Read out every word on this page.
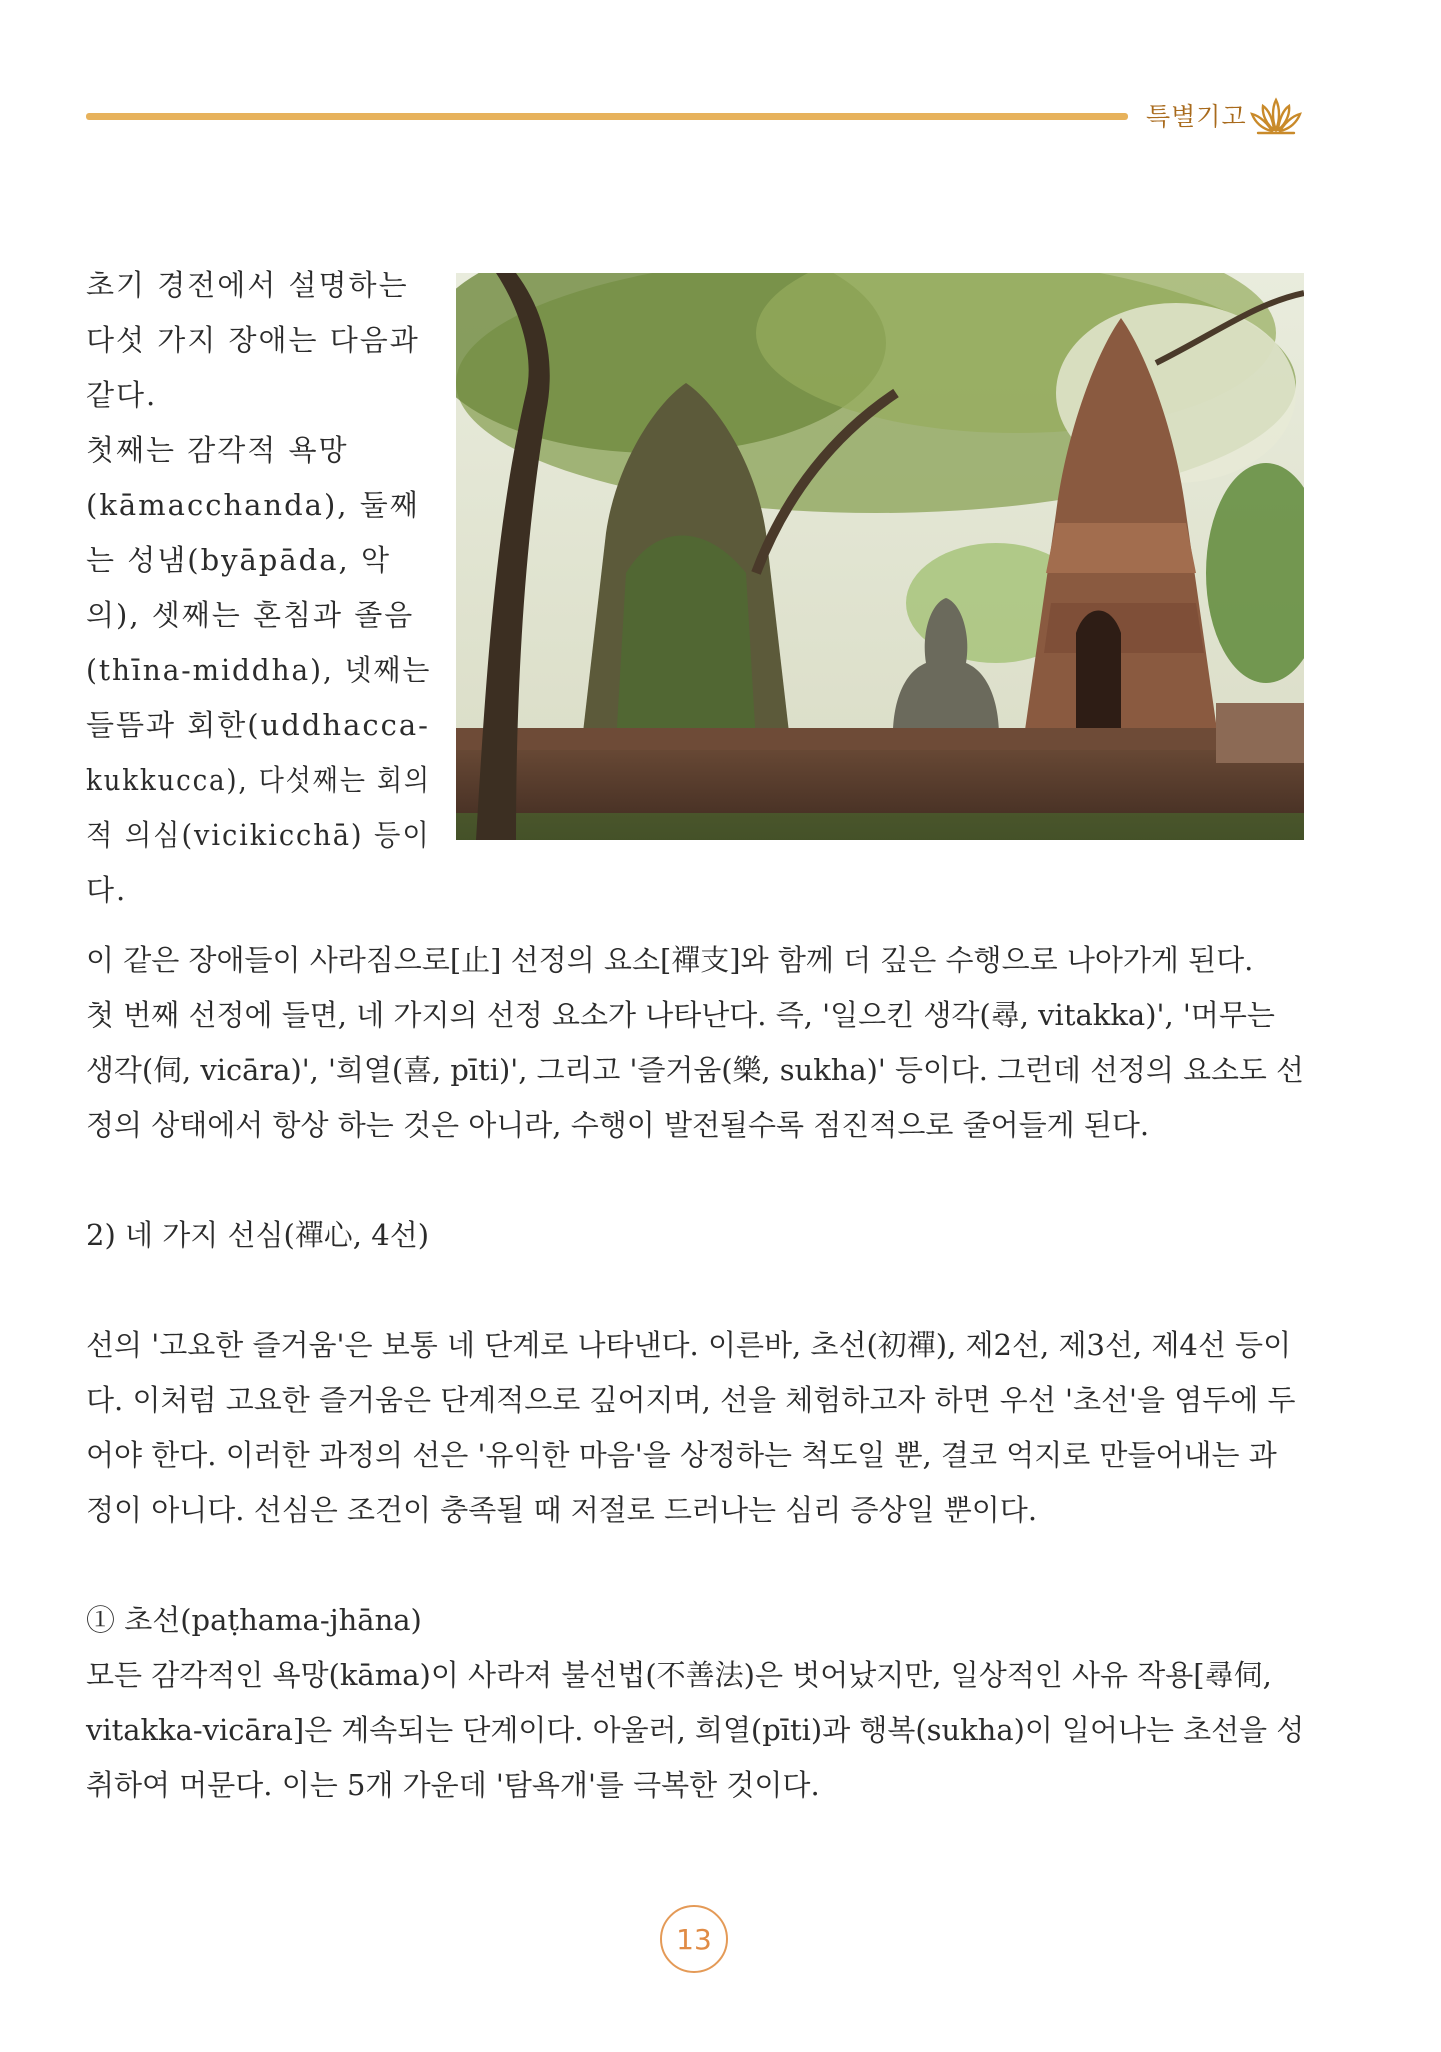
특별기고
초기 경전에서 설명하는
다섯 가지 장애는 다음과
같다.
첫째는 감각적 욕망
(kāmacchanda), 둘째
는 성냄(byāpāda, 악
의), 셋째는 혼침과 졸음
(thīna-middha), 넷째는
들뜸과 회한(uddhacca-
kukkucca), 다섯째는 회의
적 의심(vicikicchā) 등이
다.
이 같은 장애들이 사라짐으로[止] 선정의 요소[禪支]와 함께 더 깊은 수행으로 나아가게 된다.
첫 번째 선정에 들면, 네 가지의 선정 요소가 나타난다. 즉, '일으킨 생각(尋, vitakka)', '머무는
생각(伺, vicāra)', '희열(喜, pīti)', 그리고 '즐거움(樂, sukha)' 등이다. 그런데 선정의 요소도 선
정의 상태에서 항상 하는 것은 아니라, 수행이 발전될수록 점진적으로 줄어들게 된다.
2) 네 가지 선심(禪心, 4선)
선의 '고요한 즐거움'은 보통 네 단계로 나타낸다. 이른바, 초선(初禪), 제2선, 제3선, 제4선 등이
다. 이처럼 고요한 즐거움은 단계적으로 깊어지며, 선을 체험하고자 하면 우선 '초선'을 염두에 두
어야 한다. 이러한 과정의 선은 '유익한 마음'을 상정하는 척도일 뿐, 결코 억지로 만들어내는 과
정이 아니다. 선심은 조건이 충족될 때 저절로 드러나는 심리 증상일 뿐이다.
① 초선(paṭhama-jhāna)
모든 감각적인 욕망(kāma)이 사라져 불선법(不善法)은 벗어났지만, 일상적인 사유 작용[尋伺,
vitakka-vicāra]은 계속되는 단계이다. 아울러, 희열(pīti)과 행복(sukha)이 일어나는 초선을 성
취하여 머문다. 이는 5개 가운데 '탐욕개'를 극복한 것이다.
13
